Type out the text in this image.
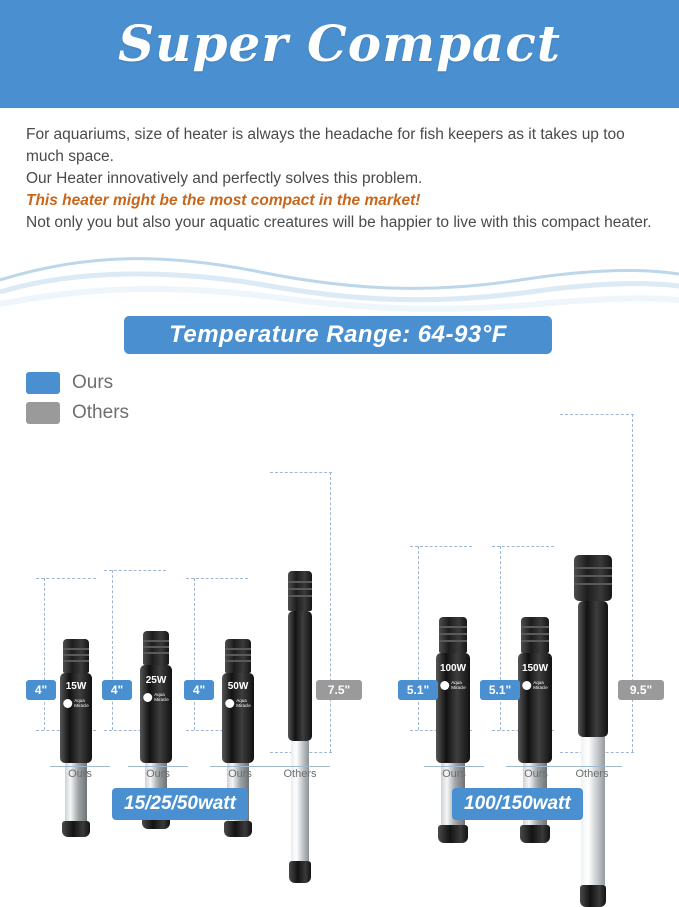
Super Compact

For aquariums, size of heater is always the headache for fish keepers as it takes up too much space.

Our Heater innovatively and perfectly solves this problem.

This heater might be the most compact in the market!

Not only you but also your aquatic creatures will be happier to live with this compact heater.

Temperature Range: 64-93°F
Ours
Others
15W
Aqua
Miracle
4"
Ours
25W
Aqua
Miracle
4"
Ours
50W
Aqua
Miracle
4"
Ours
7.5"
Others
100W
Aqua
Miracle
5.1"
Ours
150W
Aqua
Miracle
5.1"
Ours
9.5"
Others
15/25/50watt	100/150watt
